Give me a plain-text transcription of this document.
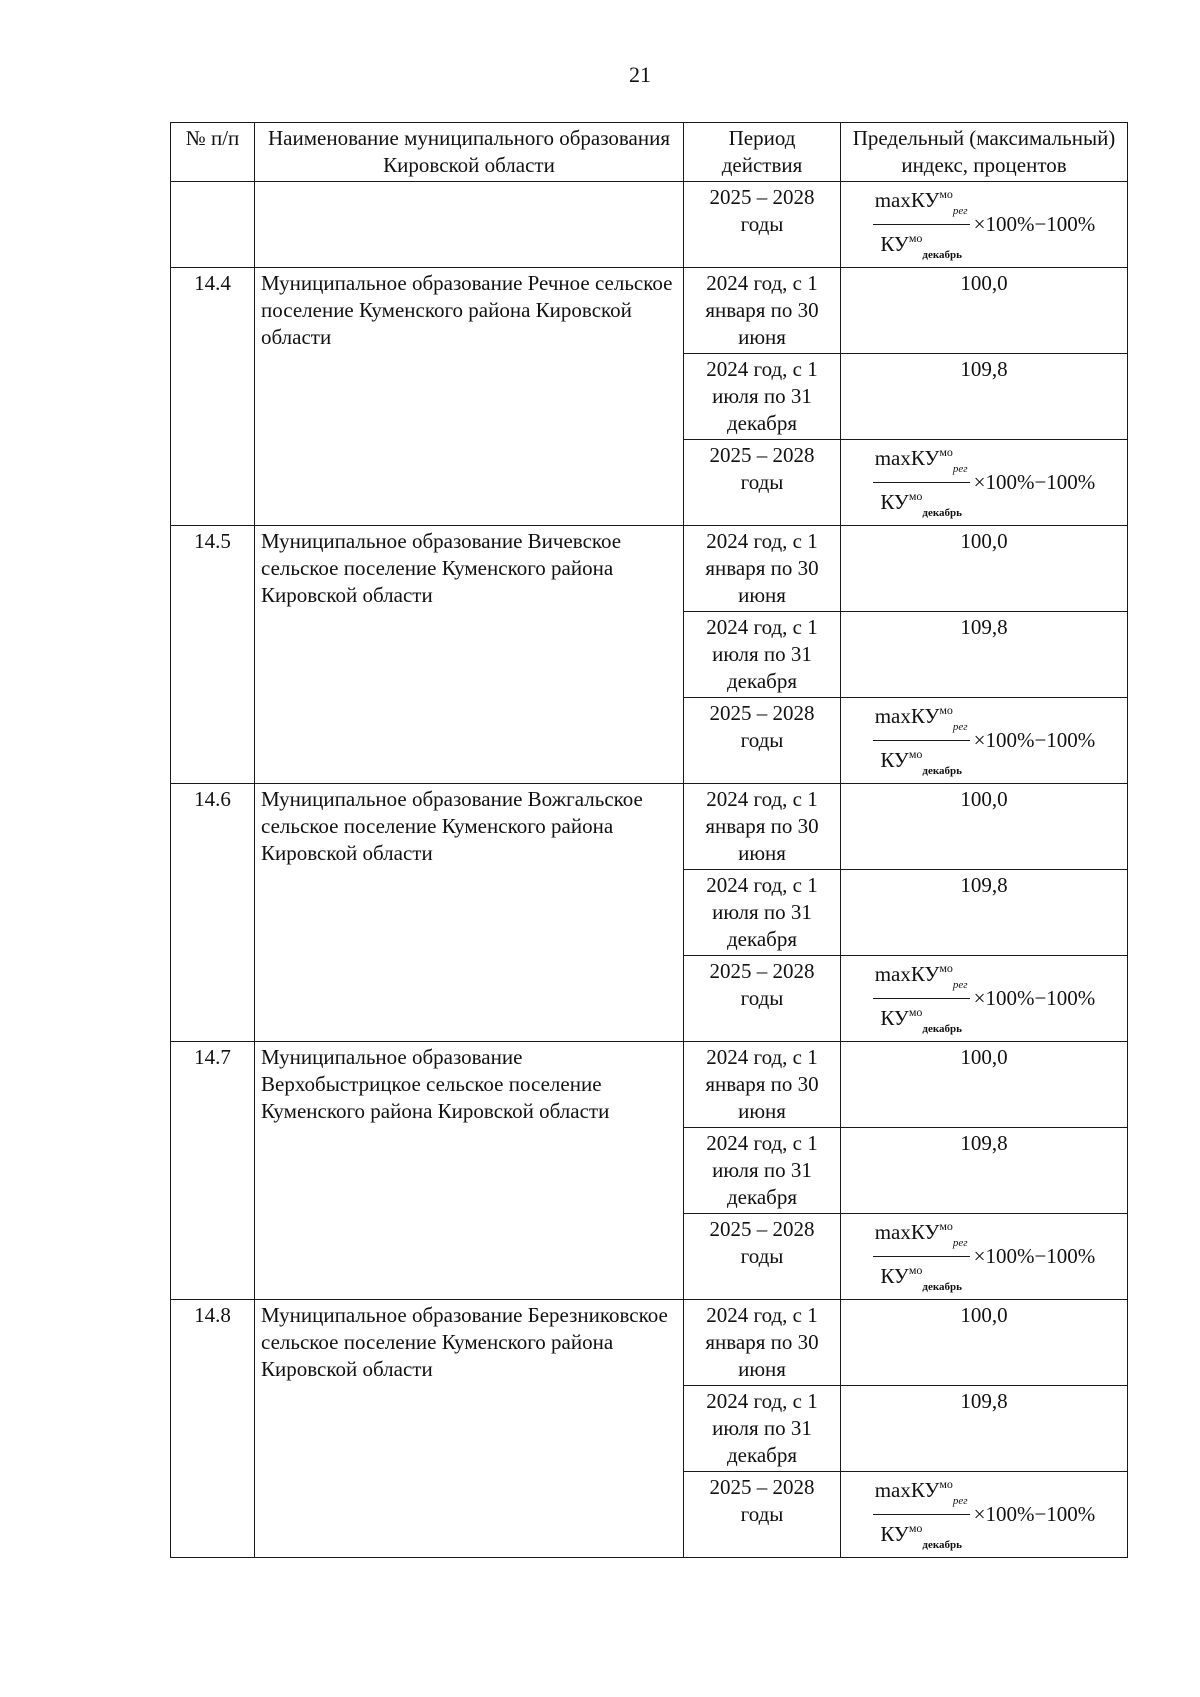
21
№ п/п	Наименование муниципального образования Кировской области	Период действия	Предельный (максимальный) индекс, процентов
		2025 – 2028 годы	$\frac{\max КУ^{мо}_{рег}}{КУ^{мо}_{декабрь}} \times 100\%-100\%$

14.4	Муниципальное образование Речное сельское поселение Куменского района Кировской области	2024 год, с 1 января по 30 июня	100,0
		2024 год, с 1 июля по 31 декабря	109,8
		2025 – 2028 годы	$\frac{\max КУ^{мо}_{рег}}{КУ^{мо}_{декабрь}} \times 100\%-100\%$

14.5	Муниципальное образование Вичевское сельское поселение Куменского района Кировской области	2024 год, с 1 января по 30 июня	100,0
		2024 год, с 1 июля по 31 декабря	109,8
		2025 – 2028 годы	$\frac{\max КУ^{мо}_{рег}}{КУ^{мо}_{декабрь}} \times 100\%-100\%$

14.6	Муниципальное образование Вожгальское сельское поселение Куменского района Кировской области	2024 год, с 1 января по 30 июня	100,0
		2024 год, с 1 июля по 31 декабря	109,8
		2025 – 2028 годы	$\frac{\max КУ^{мо}_{рег}}{КУ^{мо}_{декабрь}} \times 100\%-100\%$

14.7	Муниципальное образование Верхобыстрицкое сельское поселение Куменского района Кировской области	2024 год, с 1 января по 30 июня	100,0
		2024 год, с 1 июля по 31 декабря	109,8
		2025 – 2028 годы	$\frac{\max КУ^{мо}_{рег}}{КУ^{мо}_{декабрь}} \times 100\%-100\%$

14.8	Муниципальное образование Березниковское сельское поселение Куменского района Кировской области	2024 год, с 1 января по 30 июня	100,0
		2024 год, с 1 июля по 31 декабря	109,8
		2025 – 2028 годы	$\frac{\max КУ^{мо}_{рег}}{КУ^{мо}_{декабрь}} \times 100\%-100\%$
